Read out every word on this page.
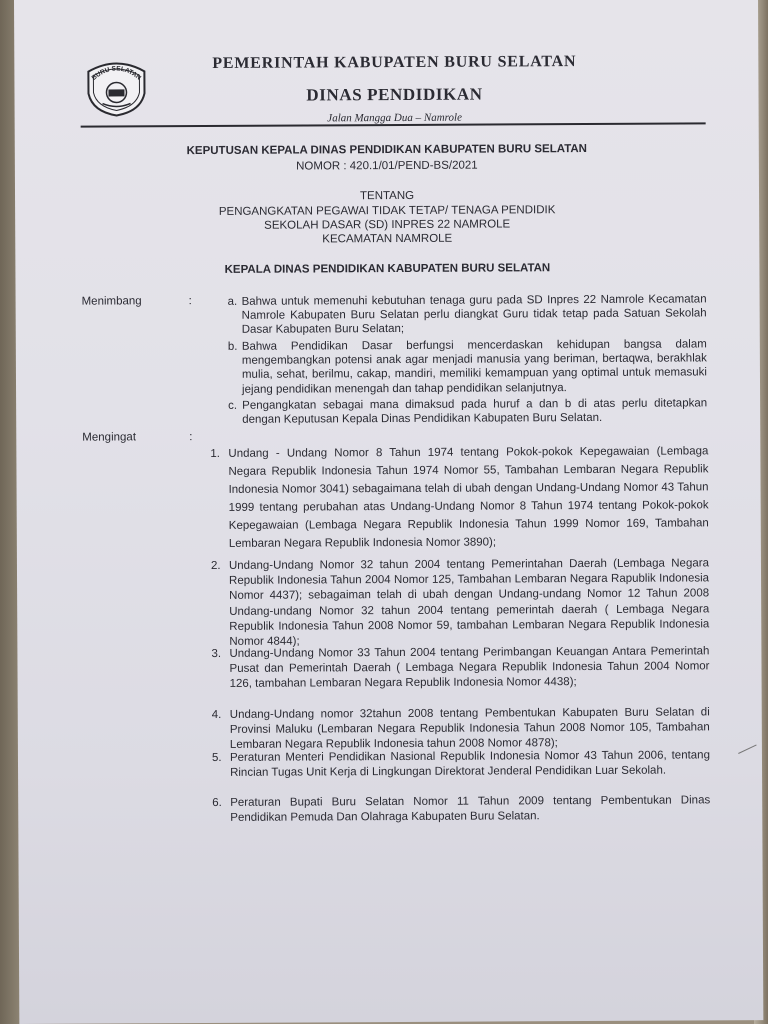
BURU SELATAN
PEMERINTAH KABUPATEN BURU SELATAN
DINAS PENDIDIKAN
Jalan Mangga Dua – Namrole
KEPUTUSAN KEPALA DINAS PENDIDIKAN KABUPATEN BURU SELATAN
NOMOR : 420.1/01/PEND-BS/2021
TENTANG
PENGANGKATAN PEGAWAI TIDAK TETAP/ TENAGA PENDIDIK
SEKOLAH DASAR (SD) INPRES 22 NAMROLE
KECAMATAN NAMROLE
KEPALA DINAS PENDIDIKAN KABUPATEN BURU SELATAN
Menimbang	:	a. Bahwa untuk memenuhi kebutuhan tenaga guru pada SD Inpres 22 Namrole Kecamatan Namrole Kabupaten Buru Selatan perlu diangkat Guru tidak tetap pada Satuan Sekolah Dasar Kabupaten Buru Selatan;
b. Bahwa Pendidikan Dasar berfungsi mencerdaskan kehidupan bangsa dalam mengembangkan potensi anak agar menjadi manusia yang beriman, bertaqwa, berakhlak mulia, sehat, berilmu, cakap, mandiri, memiliki kemampuan yang optimal untuk memasuki jejang pendidikan menengah dan tahap pendidikan selanjutnya.
c. Pengangkatan sebagai mana dimaksud pada huruf a dan b di atas perlu ditetapkan dengan Keputusan Kepala Dinas Pendidikan Kabupaten Buru Selatan.
Mengingat	:
1. Undang - Undang Nomor 8 Tahun 1974 tentang Pokok-pokok Kepegawaian (Lembaga Negara Republik Indonesia Tahun 1974 Nomor 55, Tambahan Lembaran Negara Republik Indonesia Nomor 3041) sebagaimana telah di ubah dengan Undang-Undang Nomor 43 Tahun 1999 tentang perubahan atas Undang-Undang Nomor 8 Tahun 1974 tentang Pokok-pokok Kepegawaian (Lembaga Negara Republik Indonesia Tahun 1999 Nomor 169, Tambahan Lembaran Negara Republik Indonesia Nomor 3890);
2. Undang-Undang Nomor 32 tahun 2004 tentang Pemerintahan Daerah (Lembaga Negara Republik Indonesia Tahun 2004 Nomor 125, Tambahan Lembaran Negara Rapublik Indonesia Nomor 4437); sebagaiman telah di ubah dengan Undang-undang Nomor 12 Tahun 2008 Undang-undang Nomor 32 tahun 2004 tentang pemerintah daerah ( Lembaga Negara Republik Indonesia Tahun 2008 Nomor 59, tambahan Lembaran Negara Republik Indonesia Nomor 4844);
3. Undang-Undang Nomor 33 Tahun 2004 tentang Perimbangan Keuangan Antara Pemerintah Pusat dan Pemerintah Daerah ( Lembaga Negara Republik Indonesia Tahun 2004 Nomor 126, tambahan Lembaran Negara Republik Indonesia Nomor 4438);
4. Undang-Undang nomor 32tahun 2008 tentang Pembentukan Kabupaten Buru Selatan di Provinsi Maluku (Lembaran Negara Republik Indonesia Tahun 2008 Nomor 105, Tambahan Lembaran Negara Republik Indonesia tahun 2008 Nomor 4878);
5. Peraturan Menteri Pendidikan Nasional Republik Indonesia Nomor 43 Tahun 2006, tentang Rincian Tugas Unit Kerja di Lingkungan Direktorat Jenderal Pendidikan Luar Sekolah.
6. Peraturan Bupati Buru Selatan Nomor 11 Tahun 2009 tentang Pembentukan Dinas Pendidikan Pemuda Dan Olahraga Kabupaten Buru Selatan.
